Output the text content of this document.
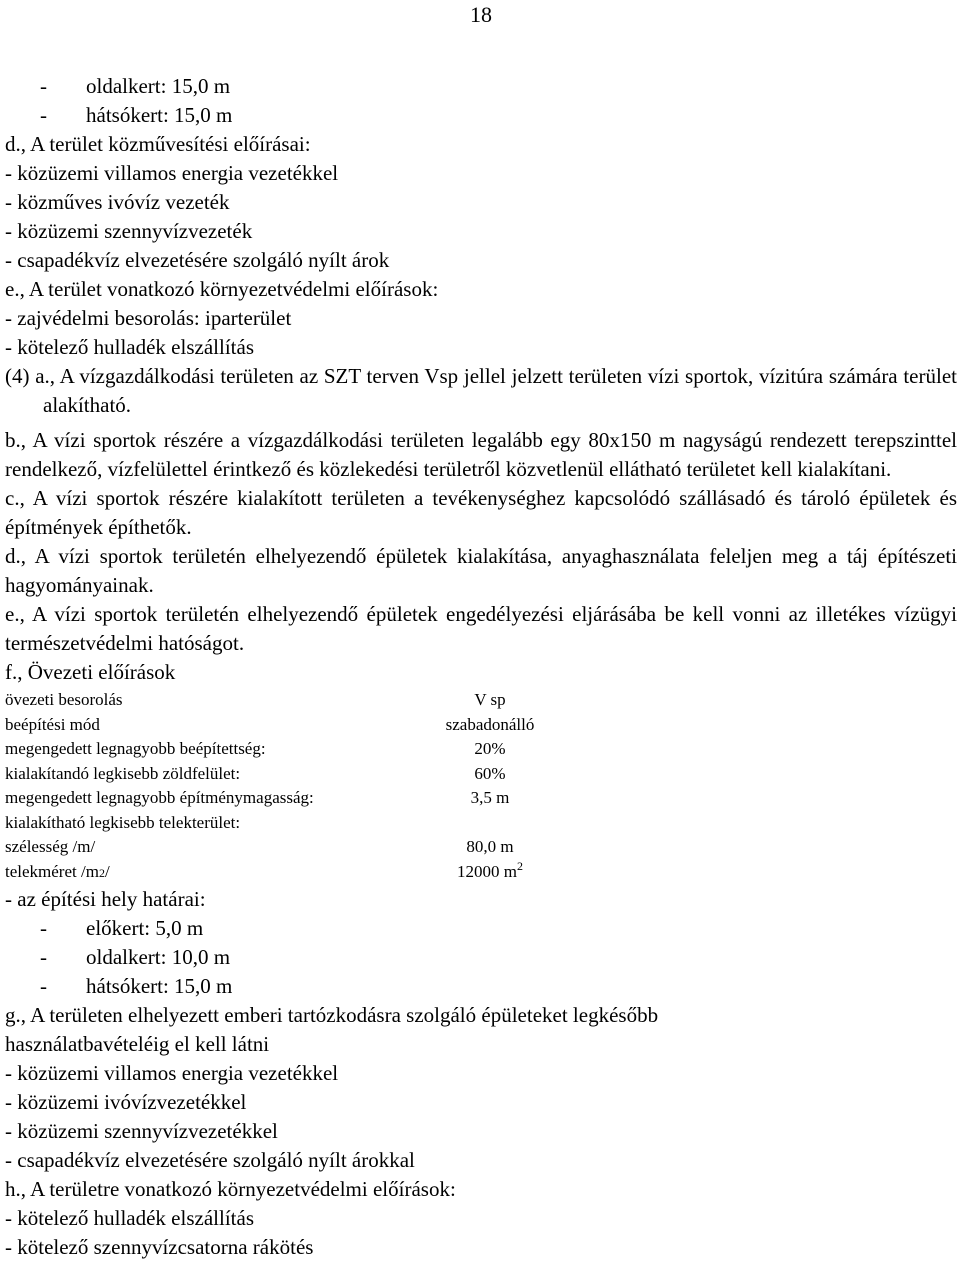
18
- oldalkert: 15,0 m
- hátsókert: 15,0 m
d., A terület közművesítési előírásai:
- közüzemi villamos energia vezetékkel
- közműves ivóvíz vezeték
- közüzemi szennyvízvezeték
- csapadékvíz elvezetésére szolgáló nyílt árok
e., A terület vonatkozó környezetvédelmi előírások:
- zajvédelmi besorolás: iparterület
- kötelező hulladék elszállítás
(4) a., A vízgazdálkodási területen az SZT terven Vsp jellel jelzett területen vízi sportok, vízitúra számára terület alakítható.
b., A vízi sportok részére a vízgazdálkodási területen legalább egy 80x150 m nagyságú rendezett terepszinttel rendelkező, vízfelülettel érintkező és közlekedési területről közvetlenül ellátható területet kell kialakítani.
c., A vízi sportok részére kialakított területen a tevékenységhez kapcsolódó szállásadó és tároló épületek és építmények építhetők.
d., A vízi sportok területén elhelyezendő épületek kialakítása, anyaghasználata feleljen meg a táj építészeti hagyományainak.
e., A vízi sportok területén elhelyezendő épületek engedélyezési eljárásába be kell vonni az illetékes vízügyi természetvédelmi hatóságot.
f., Övezeti előírások
övezeti besorolás	V sp
beépítési mód	szabadonálló
megengedett legnagyobb beépítettség:	20%
kialakítandó legkisebb zöldfelület:	60%
megengedett legnagyobb építménymagasság:	3,5 m
kialakítható legkisebb telekterület:
szélesség /m/	80,0 m
telekméret /m2/	12000 $m^2$
- az építési hely határai:
- előkert: 5,0 m
- oldalkert: 10,0 m
- hátsókert: 15,0 m
g., A területen elhelyezett emberi tartózkodásra szolgáló épületeket legkésőbb használatbavételéig el kell látni
- közüzemi villamos energia vezetékkel
- közüzemi ivóvízvezetékkel
- közüzemi szennyvízvezetékkel
- csapadékvíz elvezetésére szolgáló nyílt árokkal
h., A területre vonatkozó környezetvédelmi előírások:
- kötelező hulladék elszállítás
- kötelező szennyvízcsatorna rákötés
